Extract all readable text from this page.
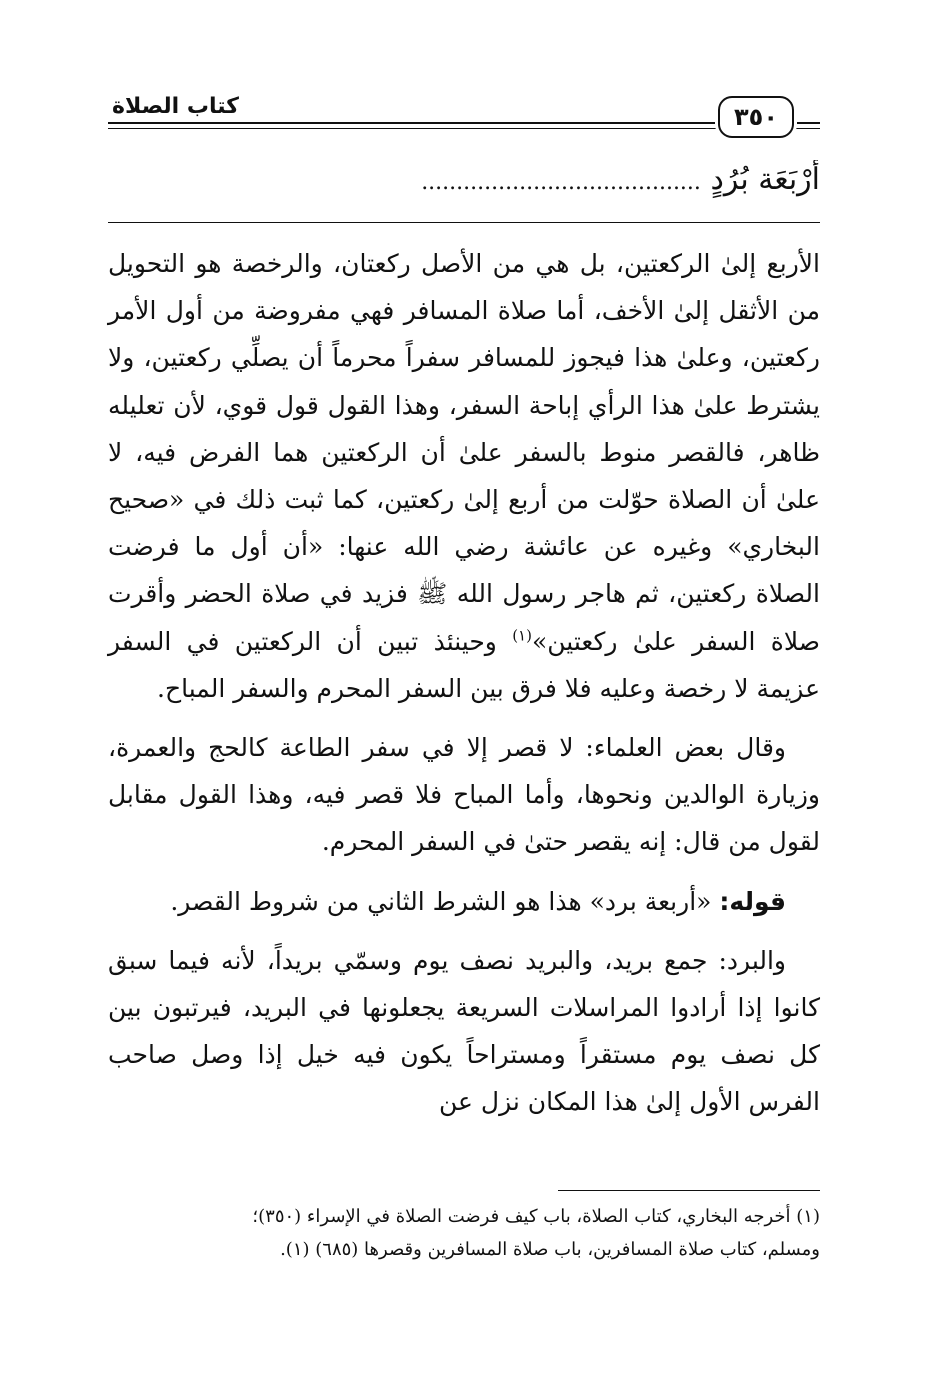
كتاب الصلاة	٣٥٠
أَرْبَعَة بُرُدٍ ........................................

الأربع إلىٰ الركعتين، بل هي من الأصل ركعتان، والرخصة هو التحويل من الأثقل إلىٰ الأخف، أما صلاة المسافر فهي مفروضة من أول الأمر ركعتين، وعلىٰ هذا فيجوز للمسافر سفراً محرماً أن يصلِّي ركعتين، ولا يشترط علىٰ هذا الرأي إباحة السفر، وهذا القول قول قوي، لأن تعليله ظاهر، فالقصر منوط بالسفر علىٰ أن الركعتين هما الفرض فيه، لا علىٰ أن الصلاة حوّلت من أربع إلىٰ ركعتين، كما ثبت ذلك في «صحيح البخاري» وغيره عن عائشة رضي الله عنها: «أن أول ما فرضت الصلاة ركعتين، ثم هاجر رسول الله ﷺ فزيد في صلاة الحضر وأقرت صلاة السفر علىٰ ركعتين»$^{(١)}$ وحينئذ تبين أن الركعتين في السفر عزيمة لا رخصة وعليه فلا فرق بين السفر المحرم والسفر المباح.

وقال بعض العلماء: لا قصر إلا في سفر الطاعة كالحج والعمرة، وزيارة الوالدين ونحوها، وأما المباح فلا قصر فيه، وهذا القول مقابل لقول من قال: إنه يقصر حتىٰ في السفر المحرم.

قوله: «أربعة برد» هذا هو الشرط الثاني من شروط القصر.

والبرد: جمع بريد، والبريد نصف يوم وسمّي بريداً، لأنه فيما سبق كانوا إذا أرادوا المراسلات السريعة يجعلونها في البريد، فيرتبون بين كل نصف يوم مستقراً ومستراحاً يكون فيه خيل إذا وصل صاحب الفرس الأول إلىٰ هذا المكان نزل عن

(١) أخرجه البخاري، كتاب الصلاة، باب كيف فرضت الصلاة في الإسراء (٣٥٠)؛

ومسلم، كتاب صلاة المسافرين، باب صلاة المسافرين وقصرها (٦٨٥) (١).
